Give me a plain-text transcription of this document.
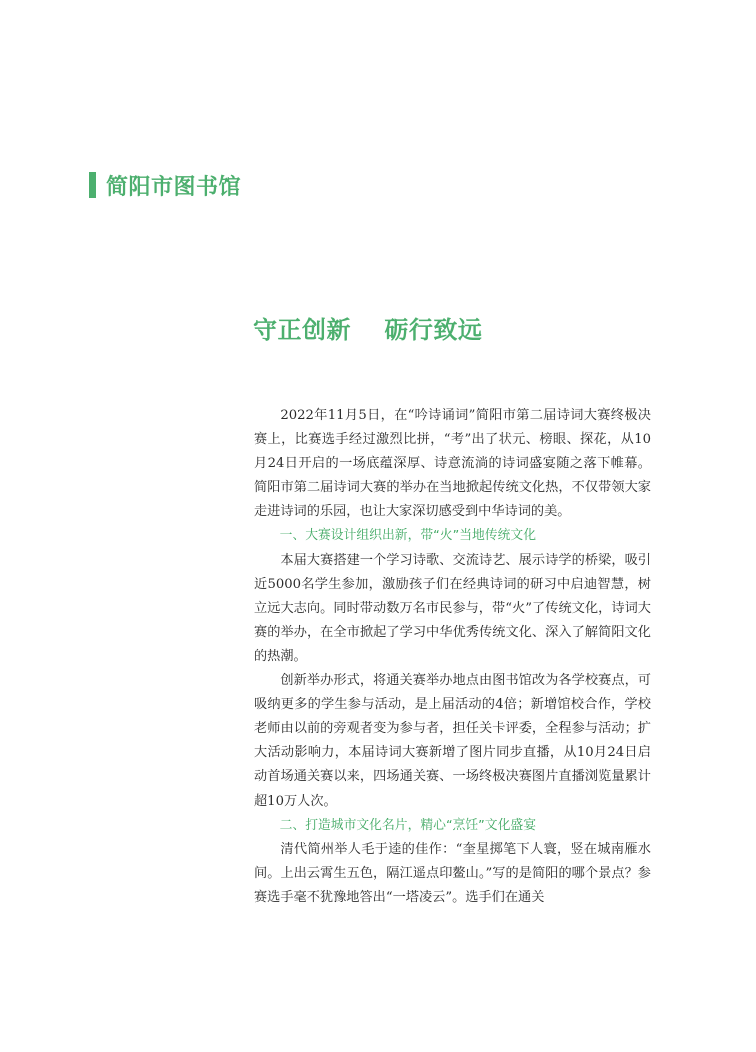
简阳市图书馆
守正创新　 砺行致远

2022年11月5日，在“吟诗诵词”简阳市第二届诗词大赛终极决赛上，比赛选手经过激烈比拼，“考”出了状元、榜眼、探花，从10月24日开启的一场底蕴深厚、诗意流淌的诗词盛宴随之落下帷幕。简阳市第二届诗词大赛的举办在当地掀起传统文化热，不仅带领大家走进诗词的乐园，也让大家深切感受到中华诗词的美。

一、大赛设计组织出新，带“火”当地传统文化

本届大赛搭建一个学习诗歌、交流诗艺、展示诗学的桥梁，吸引近5000名学生参加，激励孩子们在经典诗词的研习中启迪智慧，树立远大志向。同时带动数万名市民参与，带“火”了传统文化，诗词大赛的举办，在全市掀起了学习中华优秀传统文化、深入了解简阳文化的热潮。

创新举办形式，将通关赛举办地点由图书馆改为各学校赛点，可吸纳更多的学生参与活动，是上届活动的4倍；新增馆校合作，学校老师由以前的旁观者变为参与者，担任关卡评委，全程参与活动；扩大活动影响力，本届诗词大赛新增了图片同步直播，从10月24日启动首场通关赛以来，四场通关赛、一场终极决赛图片直播浏览量累计超10万人次。

二、打造城市文化名片，精心“烹饪”文化盛宴

清代简州举人毛于逵的佳作：“奎星掷笔下人寰，竖在城南雁水间。上出云霄生五色，隔江遥点印鳌山。”写的是简阳的哪个景点？参赛选手毫不犹豫地答出“一塔凌云”。选手们在通关
